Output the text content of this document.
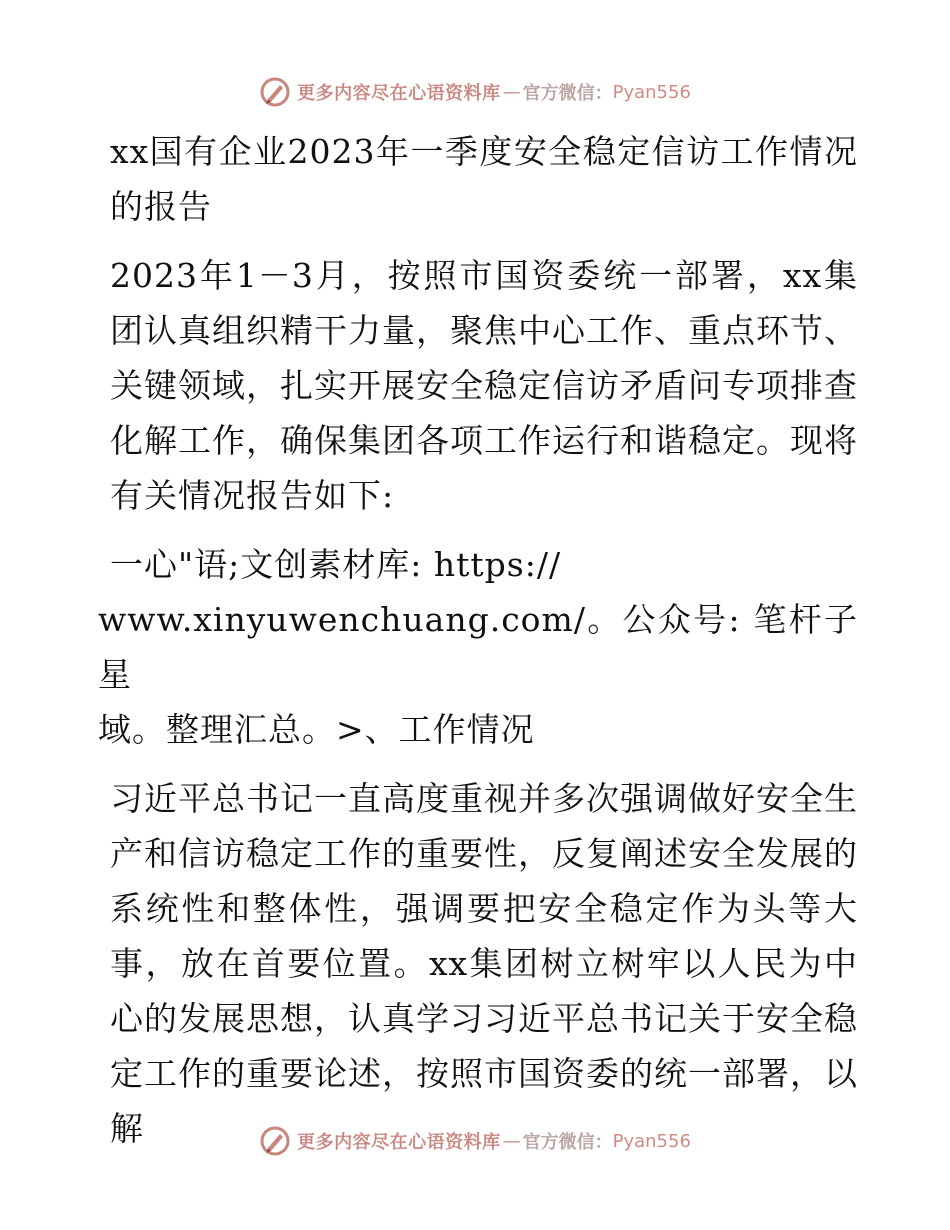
更多内容尽在心语资料库 — 官方微信： Pyan556

xx国有企业2023年一季度安全稳定信访工作情况的报告

2023年1－3月，按照市国资委统一部署，xx集团认真组织精干力量，聚焦中心工作、重点环节、关键领域，扎实开展安全稳定信访矛盾问专项排查化解工作，确保集团各项工作运行和谐稳定。现将有关情况报告如下:

一心"语;文创素材库: https://

www.xinyuwenchuang.com/。公众号: 笔杆子星

域。整理汇总。>、工作情况

习近平总书记一直高度重视并多次强调做好安全生产和信访稳定工作的重要性，反复阐述安全发展的系统性和整体性，强调要把安全稳定作为头等大事，放在首要位置。xx集团树立树牢以人民为中心的发展思想，认真学习习近平总书记关于安全稳定工作的重要论述，按照市国资委的统一部署，以解	更多内容尽在心语资料库 — 官方微信： Pyan556
